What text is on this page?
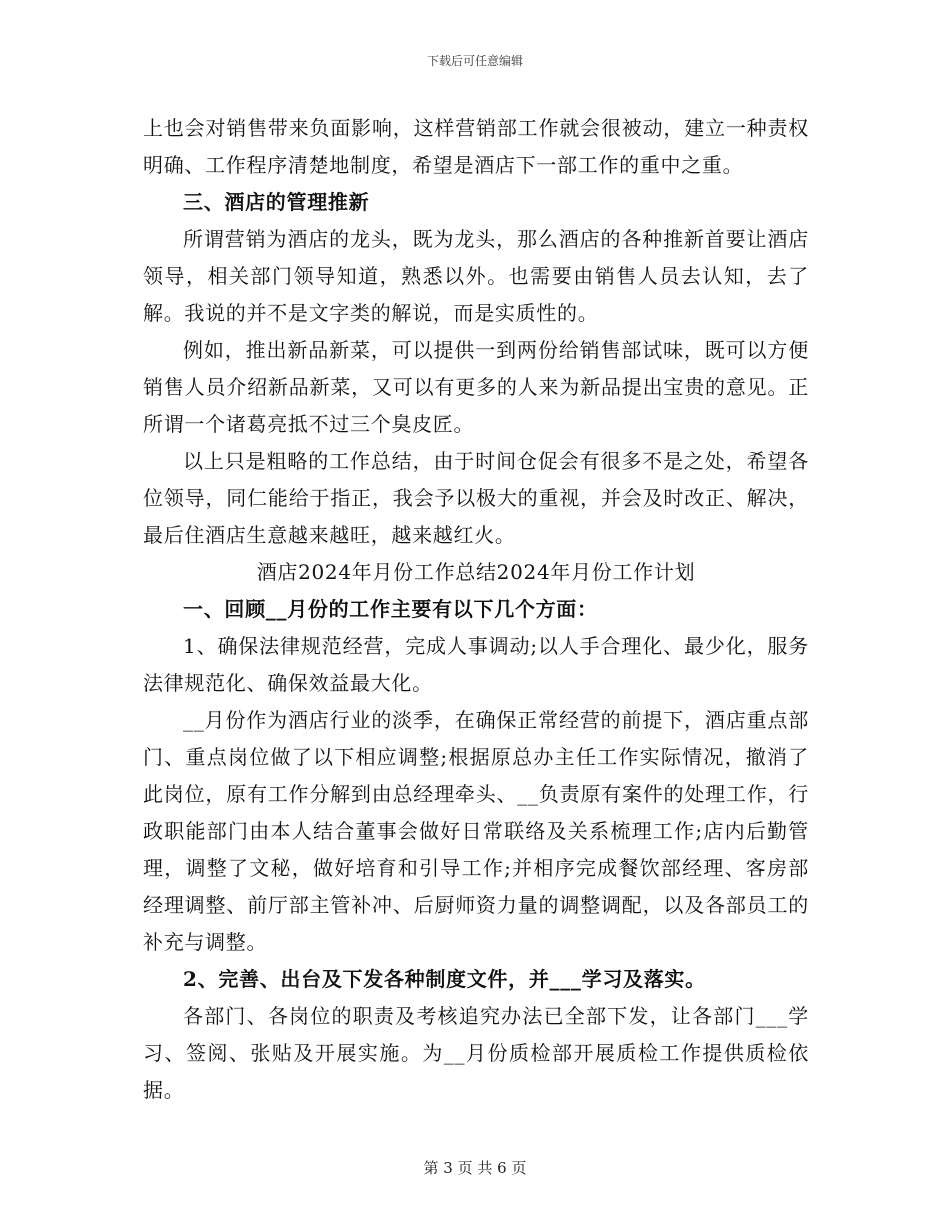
下载后可任意编辑

上也会对销售带来负面影响，这样营销部工作就会很被动，建立一种责权明确、工作程序清楚地制度，希望是酒店下一部工作的重中之重。

三、酒店的管理推新

所谓营销为酒店的龙头，既为龙头，那么酒店的各种推新首要让酒店领导，相关部门领导知道，熟悉以外。也需要由销售人员去认知，去了解。我说的并不是文字类的解说，而是实质性的。

例如，推出新品新菜，可以提供一到两份给销售部试味，既可以方便销售人员介绍新品新菜，又可以有更多的人来为新品提出宝贵的意见。正所谓一个诸葛亮抵不过三个臭皮匠。

以上只是粗略的工作总结，由于时间仓促会有很多不是之处，希望各位领导，同仁能给于指正，我会予以极大的重视，并会及时改正、解决，最后住酒店生意越来越旺，越来越红火。

酒店2024年月份工作总结2024年月份工作计划

一、回顾__月份的工作主要有以下几个方面：

1、确保法律规范经营，完成人事调动;以人手合理化、最少化，服务法律规范化、确保效益最大化。

__月份作为酒店行业的淡季，在确保正常经营的前提下，酒店重点部门、重点岗位做了以下相应调整;根据原总办主任工作实际情况，撤消了此岗位，原有工作分解到由总经理牵头、__负责原有案件的处理工作，行政职能部门由本人结合董事会做好日常联络及关系梳理工作;店内后勤管理，调整了文秘，做好培育和引导工作;并相序完成餐饮部经理、客房部经理调整、前厅部主管补冲、后厨师资力量的调整调配，以及各部员工的补充与调整。

2、完善、出台及下发各种制度文件，并___学习及落实。

各部门、各岗位的职责及考核追究办法已全部下发，让各部门___学习、签阅、张贴及开展实施。为__月份质检部开展质检工作提供质检依据。

第 3 页 共 6 页
